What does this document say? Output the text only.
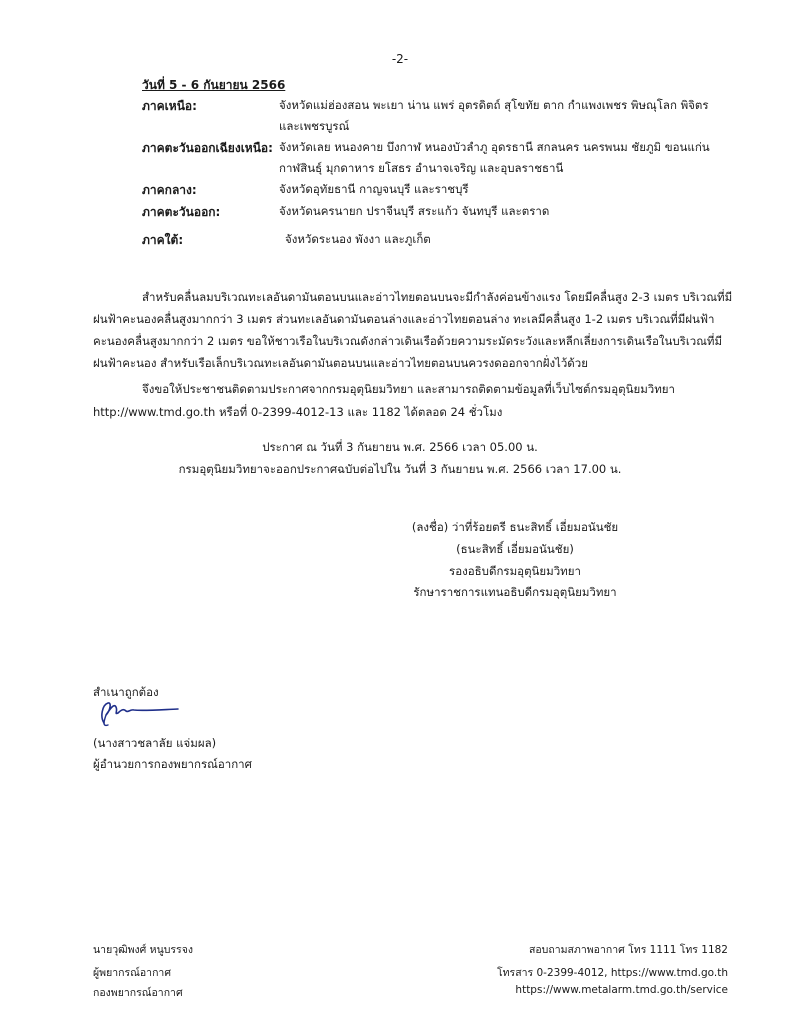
-2-
วันที่ 5 - 6 กันยายน 2566
ภาคเหนือ:	จังหวัดแม่ฮ่องสอน พะเยา น่าน แพร่ อุตรดิตถ์ สุโขทัย ตาก กำแพงเพชร พิษณุโลก พิจิตร
และเพชรบูรณ์
ภาคตะวันออกเฉียงเหนือ: จังหวัดเลย หนองคาย บึงกาฬ หนองบัวลำภู อุดรธานี สกลนคร นครพนม ชัยภูมิ ขอนแก่น
กาฬสินธุ์ มุกดาหาร ยโสธร อำนาจเจริญ และอุบลราชธานี
ภาคกลาง:	จังหวัดอุทัยธานี กาญจนบุรี และราชบุรี
ภาคตะวันออก:	จังหวัดนครนายก ปราจีนบุรี สระแก้ว จันทบุรี และตราด
ภาคใต้:	จังหวัดระนอง พังงา และภูเก็ต
สำหรับคลื่นลมบริเวณทะเลอันดามันตอนบนและอ่าวไทยตอนบนจะมีกำลังค่อนข้างแรง โดยมีคลื่นสูง 2-3 เมตร บริเวณที่มี
ฝนฟ้าคะนองคลื่นสูงมากกว่า 3 เมตร ส่วนทะเลอันดามันตอนล่างและอ่าวไทยตอนล่าง ทะเลมีคลื่นสูง 1-2 เมตร บริเวณที่มีฝนฟ้า
คะนองคลื่นสูงมากกว่า 2 เมตร ขอให้ชาวเรือในบริเวณดังกล่าวเดินเรือด้วยความระมัดระวังและหลีกเลี่ยงการเดินเรือในบริเวณที่มี
ฝนฟ้าคะนอง สำหรับเรือเล็กบริเวณทะเลอันดามันตอนบนและอ่าวไทยตอนบนควรงดออกจากฝั่งไว้ด้วย
จึงขอให้ประชาชนติดตามประกาศจากกรมอุตุนิยมวิทยา และสามารถติดตามข้อมูลที่เว็บไซต์กรมอุตุนิยมวิทยา
http://www.tmd.go.th หรือที่ 0-2399-4012-13 และ 1182 ได้ตลอด 24 ชั่วโมง
ประกาศ ณ วันที่ 3 กันยายน พ.ศ. 2566 เวลา 05.00 น.
กรมอุตุนิยมวิทยาจะออกประกาศฉบับต่อไปใน วันที่ 3 กันยายน พ.ศ. 2566 เวลา 17.00 น.
(ลงชื่อ) ว่าที่ร้อยตรี ธนะสิทธิ์ เอี่ยมอนันชัย
(ธนะสิทธิ์ เอี่ยมอนันชัย)
รองอธิบดีกรมอุตุนิยมวิทยา
รักษาราชการแทนอธิบดีกรมอุตุนิยมวิทยา
สำเนาถูกต้อง
(นางสาวชลาลัย แจ่มผล)
ผู้อำนวยการกองพยากรณ์อากาศ
นายวุฒิพงศ์ หนูบรรจง
ผู้พยากรณ์อากาศ
กองพยากรณ์อากาศ
สอบถามสภาพอากาศ โทร 1111 โทร 1182
โทรสาร 0-2399-4012, https://www.tmd.go.th
https://www.metalarm.tmd.go.th/service
